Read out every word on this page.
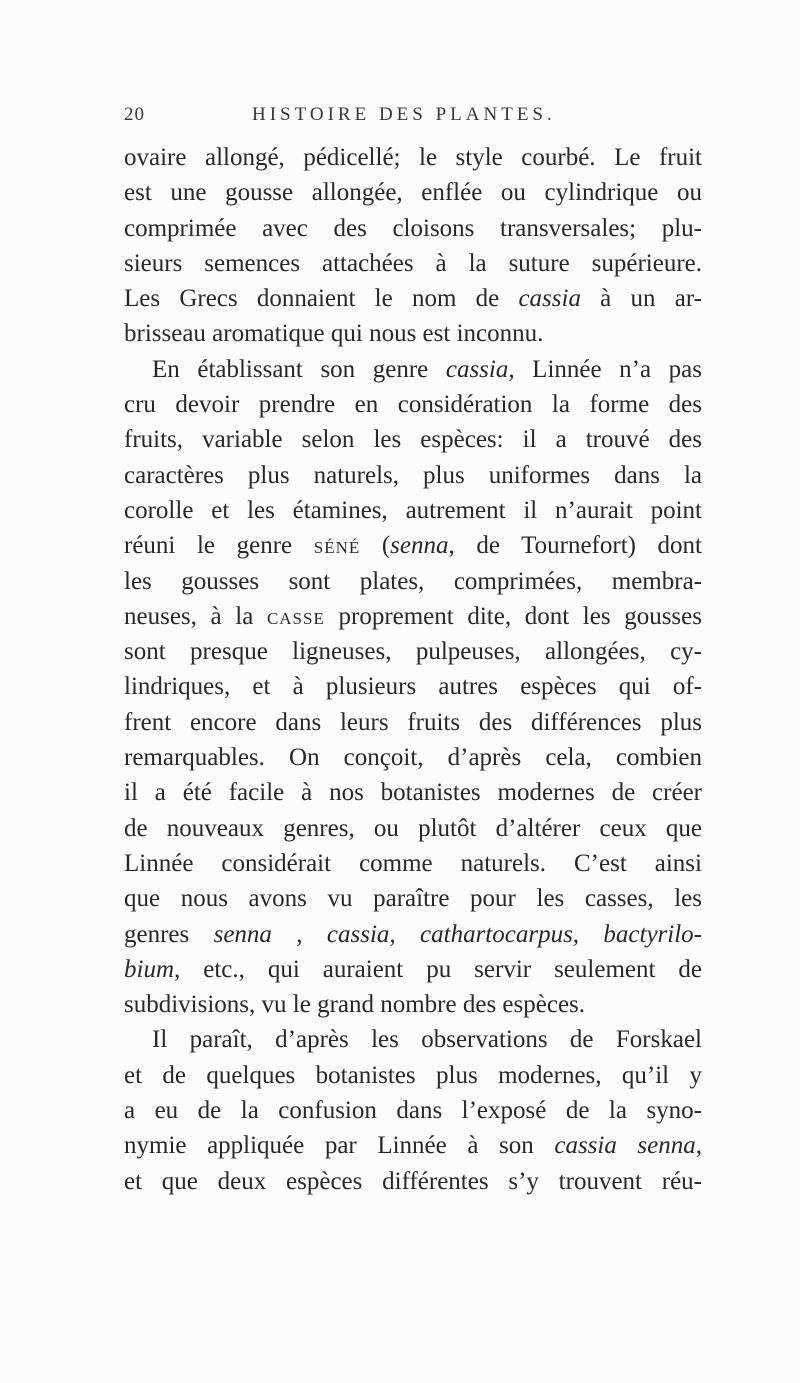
20	HISTOIRE DES PLANTES.
ovaire allongé, pédicellé; le style courbé. Le fruit
est une gousse allongée, enflée ou cylindrique ou
comprimée avec des cloisons transversales; plu-
sieurs semences attachées à la suture supérieure.
Les Grecs donnaient le nom de cassia à un ar-
brisseau aromatique qui nous est inconnu.
En établissant son genre cassia, Linnée n’a pas
cru devoir prendre en considération la forme des
fruits, variable selon les espèces: il a trouvé des
caractères plus naturels, plus uniformes dans la
corolle et les étamines, autrement il n’aurait point
réuni le genre SÉNÉ (senna, de Tournefort) dont
les gousses sont plates, comprimées, membra-
neuses, à la CASSE proprement dite, dont les gousses
sont presque ligneuses, pulpeuses, allongées, cy-
lindriques, et à plusieurs autres espèces qui of-
frent encore dans leurs fruits des différences plus
remarquables. On conçoit, d’après cela, combien
il a été facile à nos botanistes modernes de créer
de nouveaux genres, ou plutôt d’altérer ceux que
Linnée considérait comme naturels. C’est ainsi
que nous avons vu paraître pour les casses, les
genres senna , cassia, cathartocarpus, bactyrilo-
bium, etc., qui auraient pu servir seulement de
subdivisions, vu le grand nombre des espèces.
Il paraît, d’après les observations de Forskael
et de quelques botanistes plus modernes, qu’il y
a eu de la confusion dans l’exposé de la syno-
nymie appliquée par Linnée à son cassia senna,
et que deux espèces différentes s’y trouvent réu-
